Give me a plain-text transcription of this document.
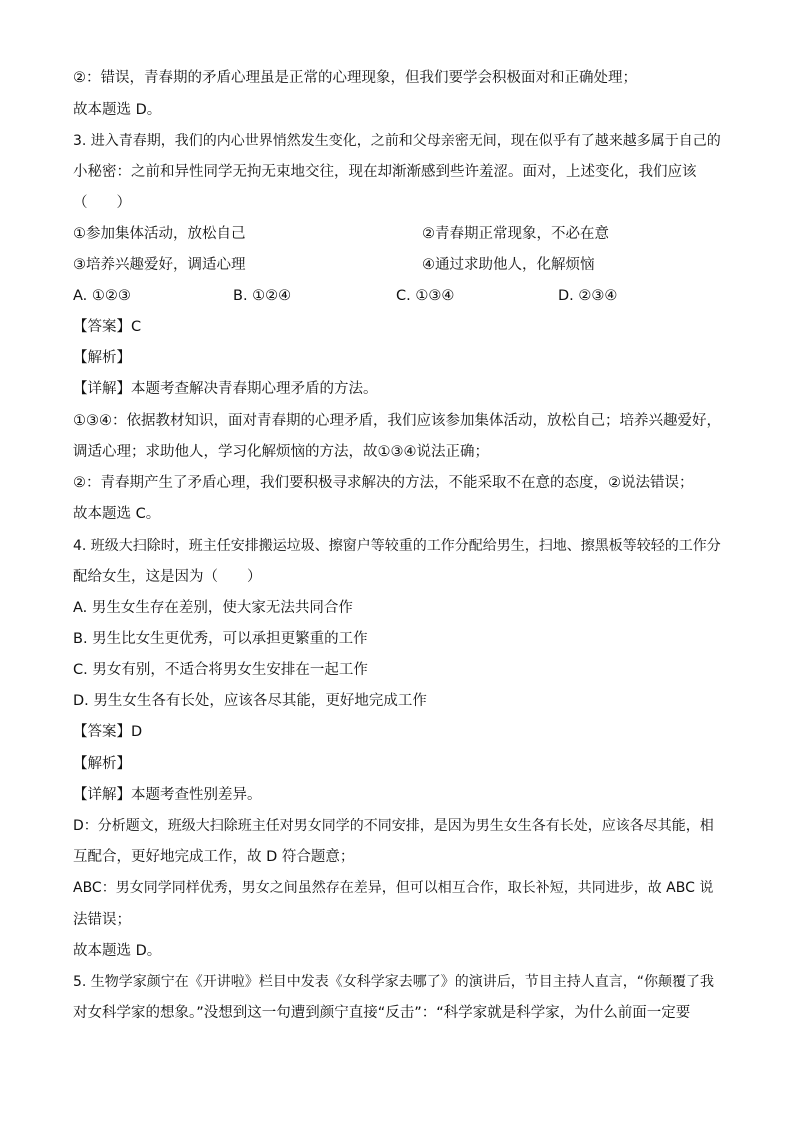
②：错误，青春期的矛盾心理虽是正常的心理现象，但我们要学会积极面对和正确处理；
故本题选 D。
3. 进入青春期，我们的内心世界悄然发生变化，之前和父母亲密无间，现在似乎有了越来越多属于自己的
小秘密：之前和异性同学无拘无束地交往，现在却渐渐感到些许羞涩。面对，上述变化，我们应该
（　　）
①参加集体活动，放松自己	②青春期正常现象，不必在意
③培养兴趣爱好，调适心理	④通过求助他人，化解烦恼
A. ①②③	B. ①②④	C. ①③④	D. ②③④
【答案】C
【解析】
【详解】本题考查解决青春期心理矛盾的方法。
①③④：依据教材知识，面对青春期的心理矛盾，我们应该参加集体活动，放松自己；培养兴趣爱好，
调适心理；求助他人，学习化解烦恼的方法，故①③④说法正确；
②：青春期产生了矛盾心理，我们要积极寻求解决的方法，不能采取不在意的态度，②说法错误；
故本题选 C。
4. 班级大扫除时，班主任安排搬运垃圾、擦窗户等较重的工作分配给男生，扫地、擦黑板等较轻的工作分
配给女生，这是因为（　　）
A. 男生女生存在差别，使大家无法共同合作
B. 男生比女生更优秀，可以承担更繁重的工作
C. 男女有别，不适合将男女生安排在一起工作
D. 男生女生各有长处，应该各尽其能，更好地完成工作
【答案】D
【解析】
【详解】本题考查性别差异。
D：分析题文，班级大扫除班主任对男女同学的不同安排，是因为男生女生各有长处，应该各尽其能，相
互配合，更好地完成工作，故 D 符合题意；
ABC：男女同学同样优秀，男女之间虽然存在差异，但可以相互合作，取长补短，共同进步，故 ABC 说
法错误；
故本题选 D。
5. 生物学家颜宁在《开讲啦》栏目中发表《女科学家去哪了》的演讲后，节目主持人直言，“你颠覆了我
对女科学家的想象。”没想到这一句遭到颜宁直接“反击”：“科学家就是科学家，为什么前面一定要
